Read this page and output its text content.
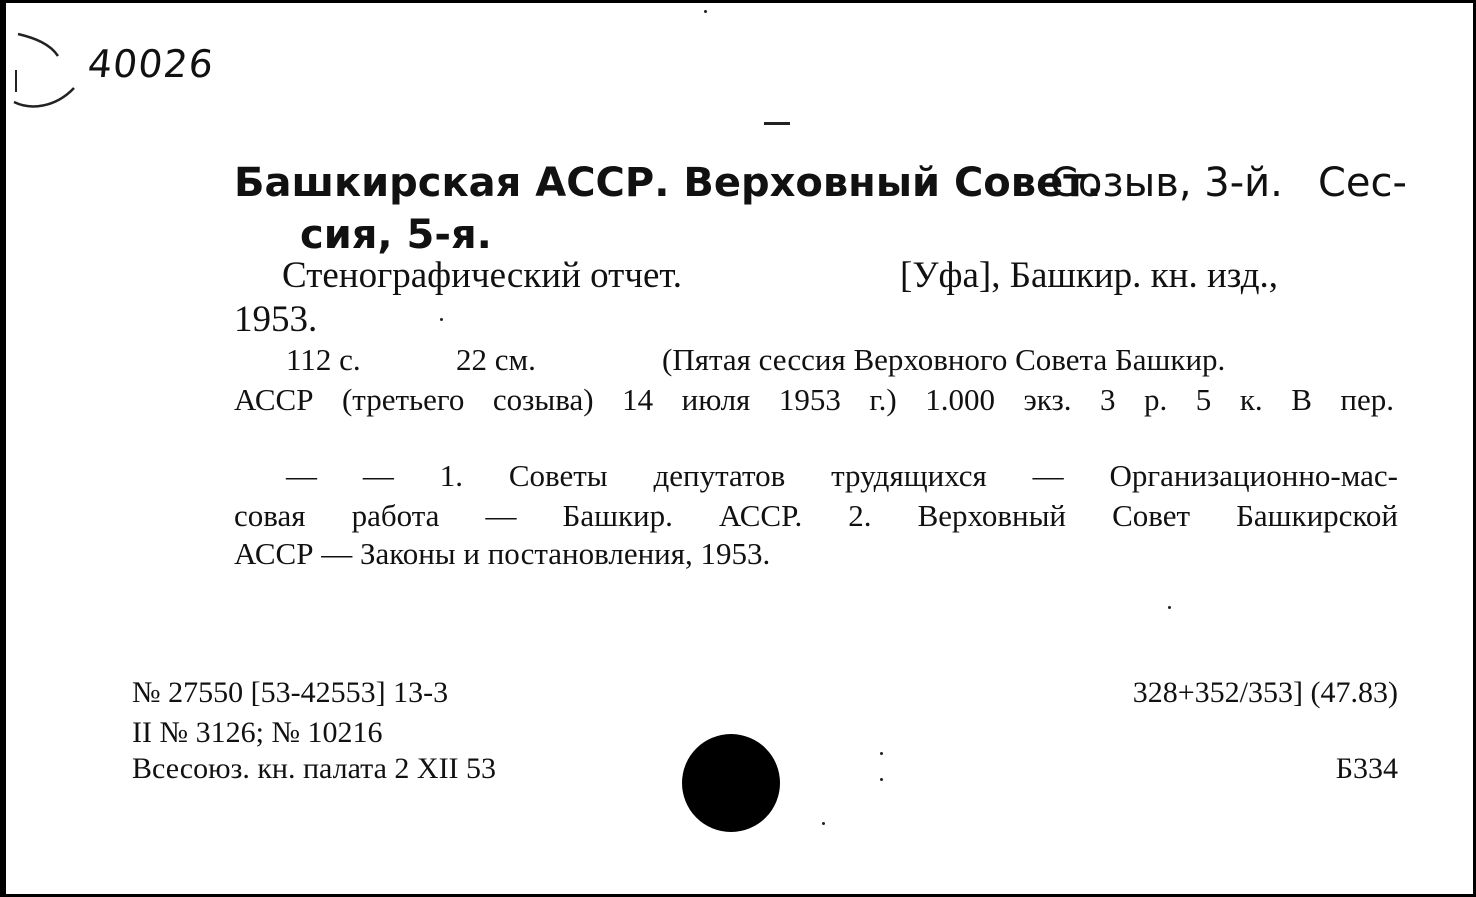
40026
Башкирская АССР. Верховный Совет.
Созыв, 3-й. Сес-
сия, 5-я.
Стенографический отчет.	[Уфа], Башкир. кн. изд.,
1953.
112 с.	22 см.	(Пятая сессия Верховного Совета Башкир.
АССР (третьего созыва) 14 июля 1953 г.) 1.000 экз. 3 р. 5 к. В пер.
— — 1. Советы депутатов трудящихся — Организационно-мас-
совая работа — Башкир. АССР. 2. Верховный Совет Башкирской
АССР — Законы и постановления, 1953.
№ 27550 [53-42553] 13-3
II № 3126; № 10216
Всесоюз. кн. палата 2 XII 53
328+352/353] (47.83)
Б334
